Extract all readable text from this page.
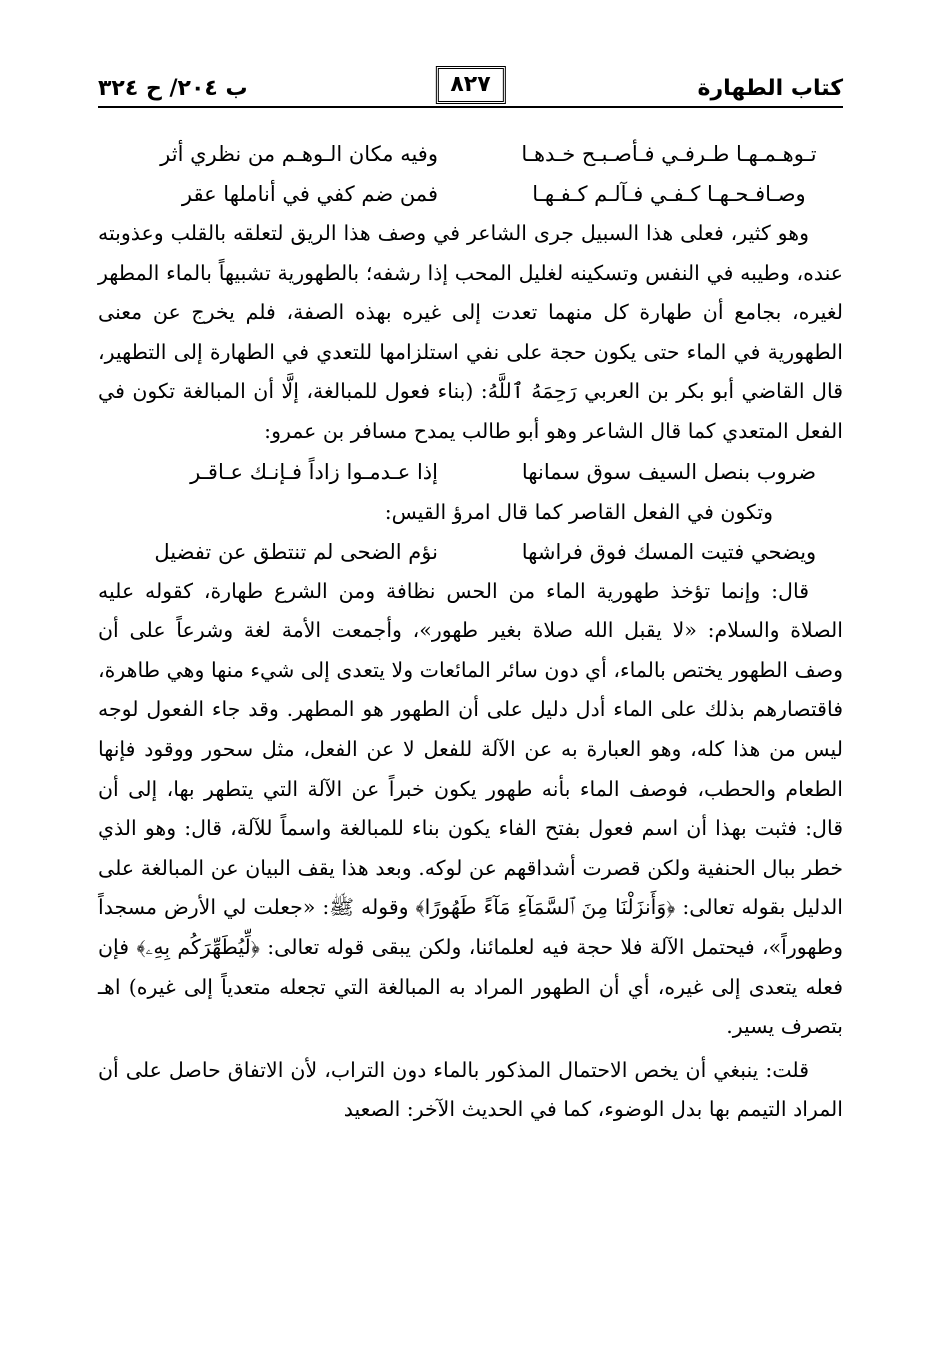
كتاب الطهارة
٨٢٧
ب ٢٠٤/ ح ٣٢٤
تـوهـمـهـا طـرفـي فـأصـبـح خـدهـا
وفيه مكان الـوهـم من نظري أثر
وصـافـحـهـا كـفـي فـآلـم كـفـهـا
فمن ضم كفي في أناملها عقر

وهو كثير، فعلى هذا السبيل جرى الشاعر في وصف هذا الريق لتعلقه بالقلب وعذوبته عنده، وطيبه في النفس وتسكينه لغليل المحب إذا رشفه؛ بالطهورية تشبيهاً بالماء المطهر لغيره، بجامع أن طهارة كل منهما تعدت إلى غيره بهذه الصفة، فلم يخرج عن معنى الطهورية في الماء حتى يكون حجة على نفي استلزامها للتعدي في الطهارة إلى التطهير، قال القاضي أبو بكر بن العربي رَحِمَهُ ٱللَّهُ: (بناء فعول للمبالغة، إلَّا أن المبالغة تكون في الفعل المتعدي كما قال الشاعر وهو أبو طالب يمدح مسافر بن عمرو:

ضروب بنصل السيف سوق سمانها
إذا عـدمـوا زاداً فـإنـك عـاقـر
وتكون في الفعل القاصر كما قال امرؤ القيس:
ويضحي فتيت المسك فوق فراشها
نؤم الضحى لم تنتطق عن تفضيل

قال: وإنما تؤخذ طهورية الماء من الحس نظافة ومن الشرع طهارة، كقوله عليه الصلاة والسلام: «لا يقبل الله صلاة بغير طهور»، وأجمعت الأمة لغة وشرعاً على أن وصف الطهور يختص بالماء، أي دون سائر المائعات ولا يتعدى إلى شيء منها وهي طاهرة، فاقتصارهم بذلك على الماء أدل دليل على أن الطهور هو المطهر. وقد جاء الفعول لوجه ليس من هذا كله، وهو العبارة به عن الآلة للفعل لا عن الفعل، مثل سحور ووقود فإنها الطعام والحطب، فوصف الماء بأنه طهور يكون خبراً عن الآلة التي يتطهر بها، إلى أن قال: فثبت بهذا أن اسم فعول بفتح الفاء يكون بناء للمبالغة واسماً للآلة، قال: وهو الذي خطر ببال الحنفية ولكن قصرت أشداقهم عن لوكه. وبعد هذا يقف البيان عن المبالغة على الدليل بقوله تعالى: ﴿وَأَنزَلْنَا مِنَ ٱلسَّمَآءِ مَآءً طَهُورًا﴾ وقوله ﷺ: «جعلت لي الأرض مسجداً وطهوراً»، فيحتمل الآلة فلا حجة فيه لعلمائنا، ولكن يبقى قوله تعالى: ﴿لِّيُطَهِّرَكُم بِهِۦ﴾ فإن فعله يتعدى إلى غيره، أي أن الطهور المراد به المبالغة التي تجعله متعدياً إلى غيره) اهـ بتصرف يسير.

قلت: ينبغي أن يخص الاحتمال المذكور بالماء دون التراب، لأن الاتفاق حاصل على أن المراد التيمم بها بدل الوضوء، كما في الحديث الآخر: الصعيد
